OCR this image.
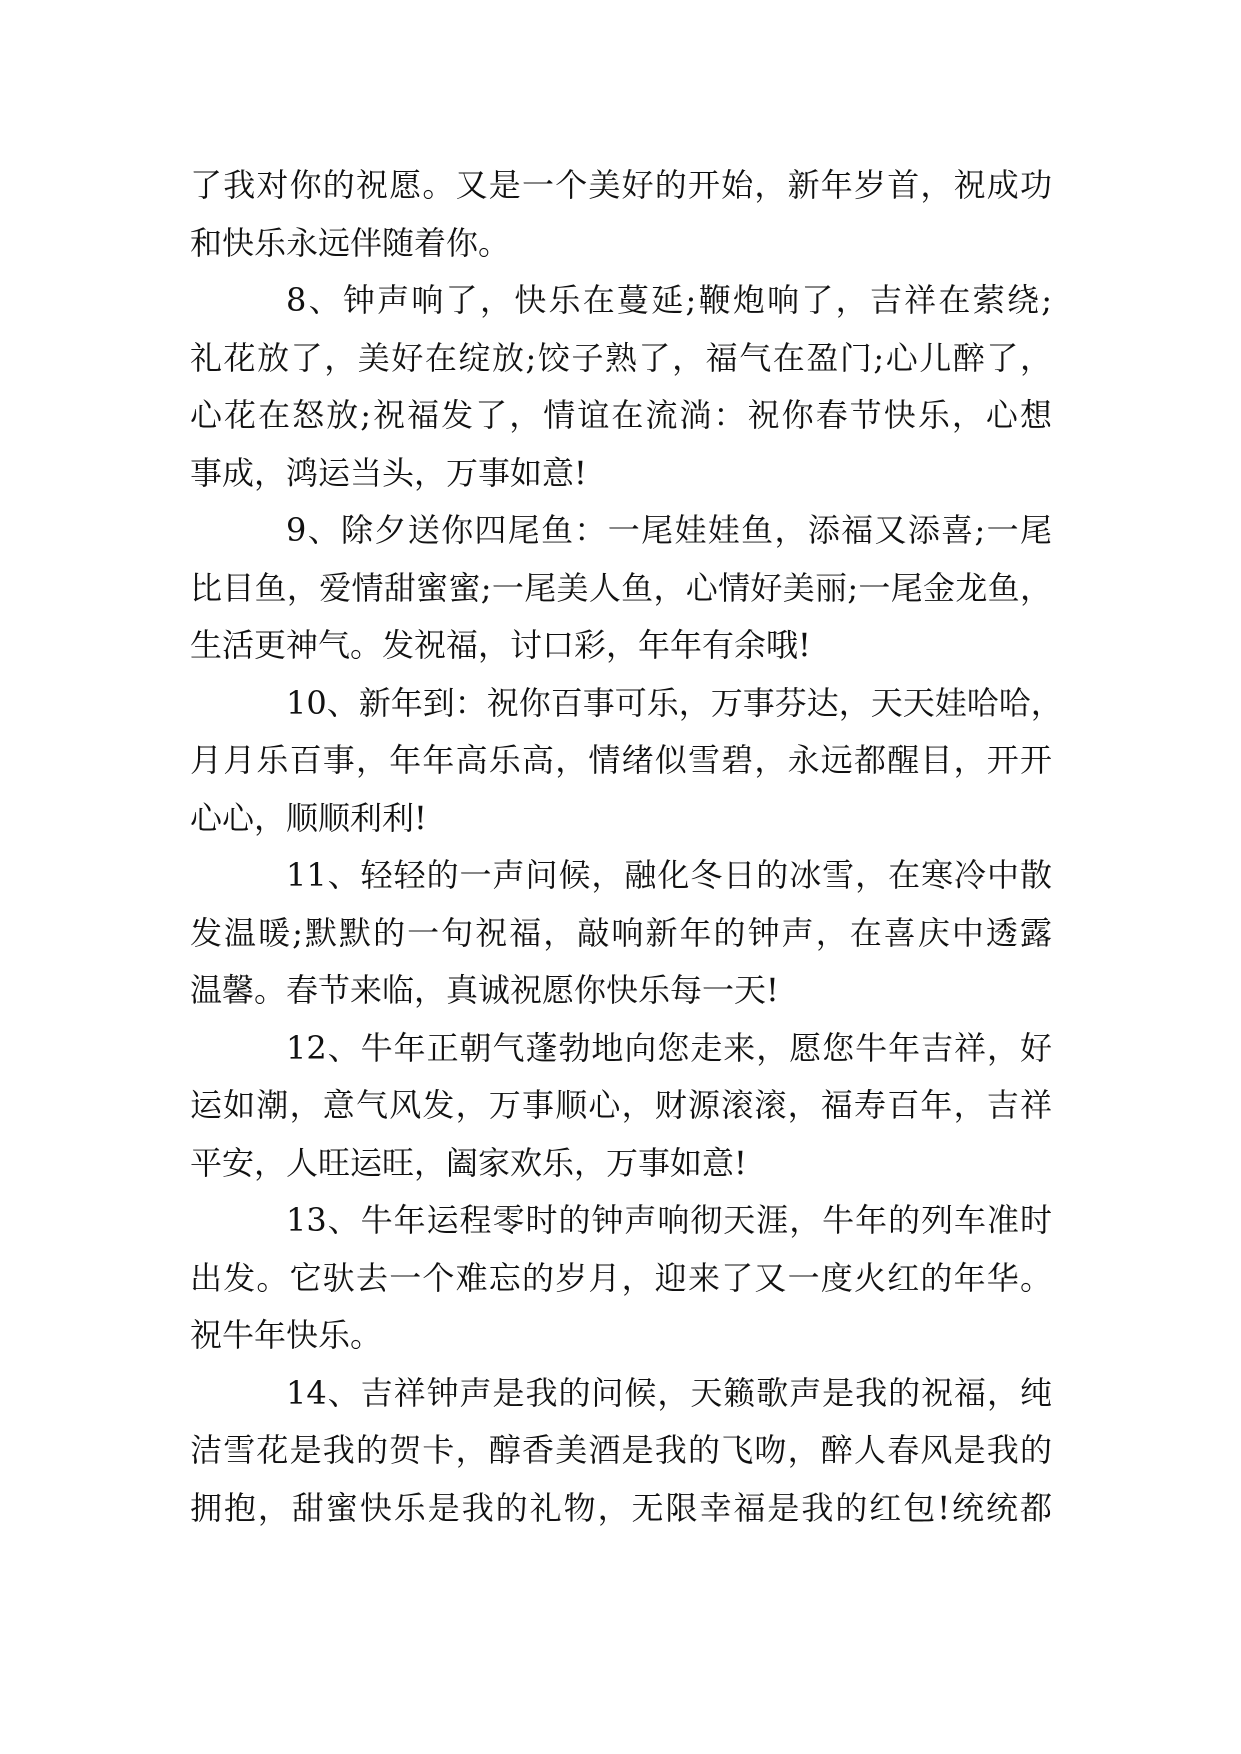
了我对你的祝愿。又是一个美好的开始，新年岁首，祝成功
和快乐永远伴随着你。
8、钟声响了，快乐在蔓延;鞭炮响了，吉祥在萦绕;
礼花放了，美好在绽放;饺子熟了，福气在盈门;心儿醉了，
心花在怒放;祝福发了，情谊在流淌：祝你春节快乐，心想
事成，鸿运当头，万事如意!
9、除夕送你四尾鱼：一尾娃娃鱼，添福又添喜;一尾
比目鱼，爱情甜蜜蜜;一尾美人鱼，心情好美丽;一尾金龙鱼，
生活更神气。发祝福，讨口彩，年年有余哦!
10、新年到：祝你百事可乐，万事芬达，天天娃哈哈，
月月乐百事，年年高乐高，情绪似雪碧，永远都醒目，开开
心心，顺顺利利!
11、轻轻的一声问候，融化冬日的冰雪，在寒冷中散
发温暖;默默的一句祝福，敲响新年的钟声，在喜庆中透露
温馨。春节来临，真诚祝愿你快乐每一天!
12、牛年正朝气蓬勃地向您走来，愿您牛年吉祥，好
运如潮，意气风发，万事顺心，财源滚滚，福寿百年，吉祥
平安，人旺运旺，阖家欢乐，万事如意!
13、牛年运程零时的钟声响彻天涯，牛年的列车准时
出发。它驮去一个难忘的岁月，迎来了又一度火红的年华。
祝牛年快乐。
14、吉祥钟声是我的问候，天籁歌声是我的祝福，纯
洁雪花是我的贺卡，醇香美酒是我的飞吻，醉人春风是我的
拥抱，甜蜜快乐是我的礼物，无限幸福是我的红包!统统都
